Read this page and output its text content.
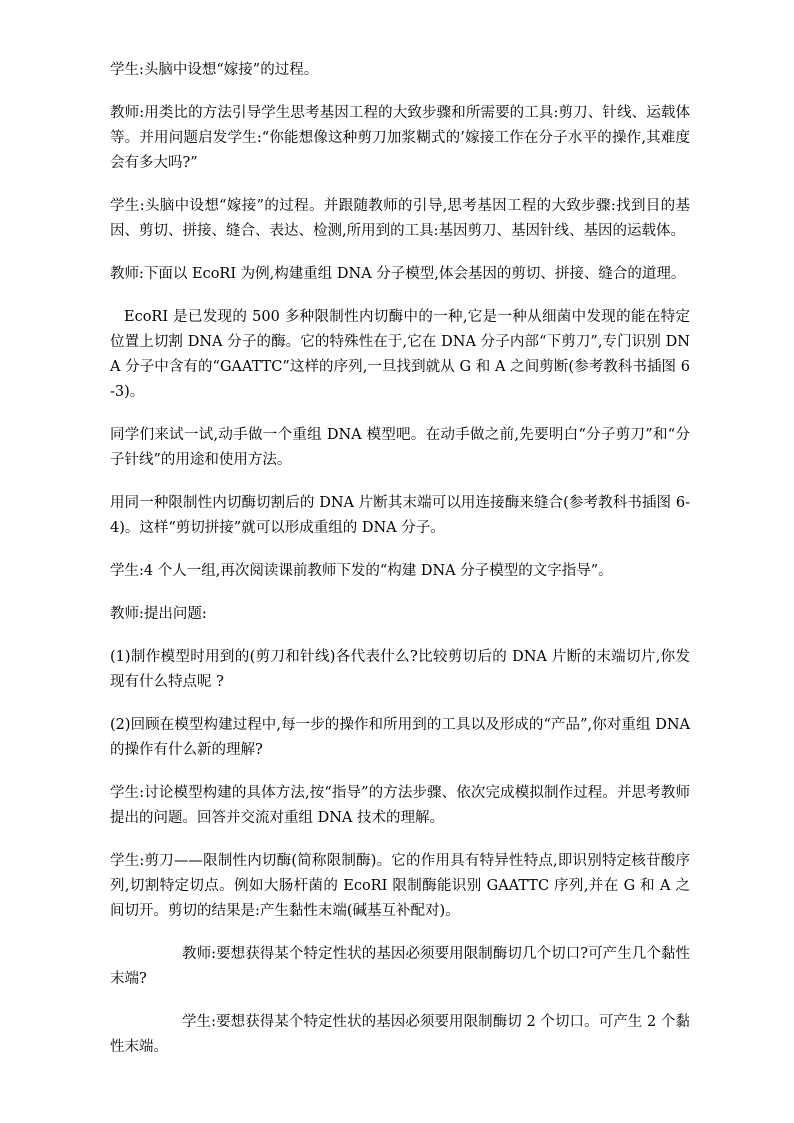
学生:头脑中设想“嫁接”的过程。

教师:用类比的方法引导学生思考基因工程的大致步骤和所需要的工具:剪刀、针线、运载体等。并用问题启发学生:“你能想像这种剪刀加浆糊式的’嫁接工作在分子水平的操作,其难度会有多大吗?”

学生:头脑中设想“嫁接”的过程。并跟随教师的引导,思考基因工程的大致步骤:找到目的基因、剪切、拼接、缝合、表达、检测,所用到的工具:基因剪刀、基因针线、基因的运载体。

教师:下面以 EcoRI 为例,构建重组 DNA 分子模型,体会基因的剪切、拼接、缝合的道理。

EcoRI 是已发现的 500 多种限制性内切酶中的一种,它是一种从细菌中发现的能在特定位置上切割 DNA 分子的酶。它的特殊性在于,它在 DNA 分子内部“下剪刀”,专门识别 DNA 分子中含有的“GAATTC”这样的序列,一旦找到就从 G 和 A 之间剪断(参考教科书插图 6-3)。

同学们来试一试,动手做一个重组 DNA 模型吧。在动手做之前,先要明白“分子剪刀”和“分子针线”的用途和使用方法。

用同一种限制性内切酶切割后的 DNA 片断其末端可以用连接酶来缝合(参考教科书插图 6-4)。这样“剪切拼接”就可以形成重组的 DNA 分子。

学生:4 个人一组,再次阅读课前教师下发的“构建 DNA 分子模型的文字指导”。

教师:提出问题:

(1)制作模型时用到的(剪刀和针线)各代表什么?比较剪切后的 DNA 片断的末端切片,你发现有什么特点呢 ?

(2)回顾在模型构建过程中,每一步的操作和所用到的工具以及形成的“产品”,你对重组 DNA 的操作有什么新的理解?

学生:讨论模型构建的具体方法,按“指导”的方法步骤、依次完成模拟制作过程。并思考教师提出的问题。回答并交流对重组 DNA 技术的理解。

学生:剪刀——限制性内切酶(简称限制酶)。它的作用具有特异性特点,即识别特定核苷酸序列,切割特定切点。例如大肠杆菌的 EcoRI 限制酶能识别 GAATTC 序列,并在 G 和 A 之间切开。剪切的结果是:产生黏性末端(碱基互补配对)。

教师:要想获得某个特定性状的基因必须要用限制酶切几个切口?可产生几个黏性末端?

学生:要想获得某个特定性状的基因必须要用限制酶切 2 个切口。可产生 2 个黏性末端。
